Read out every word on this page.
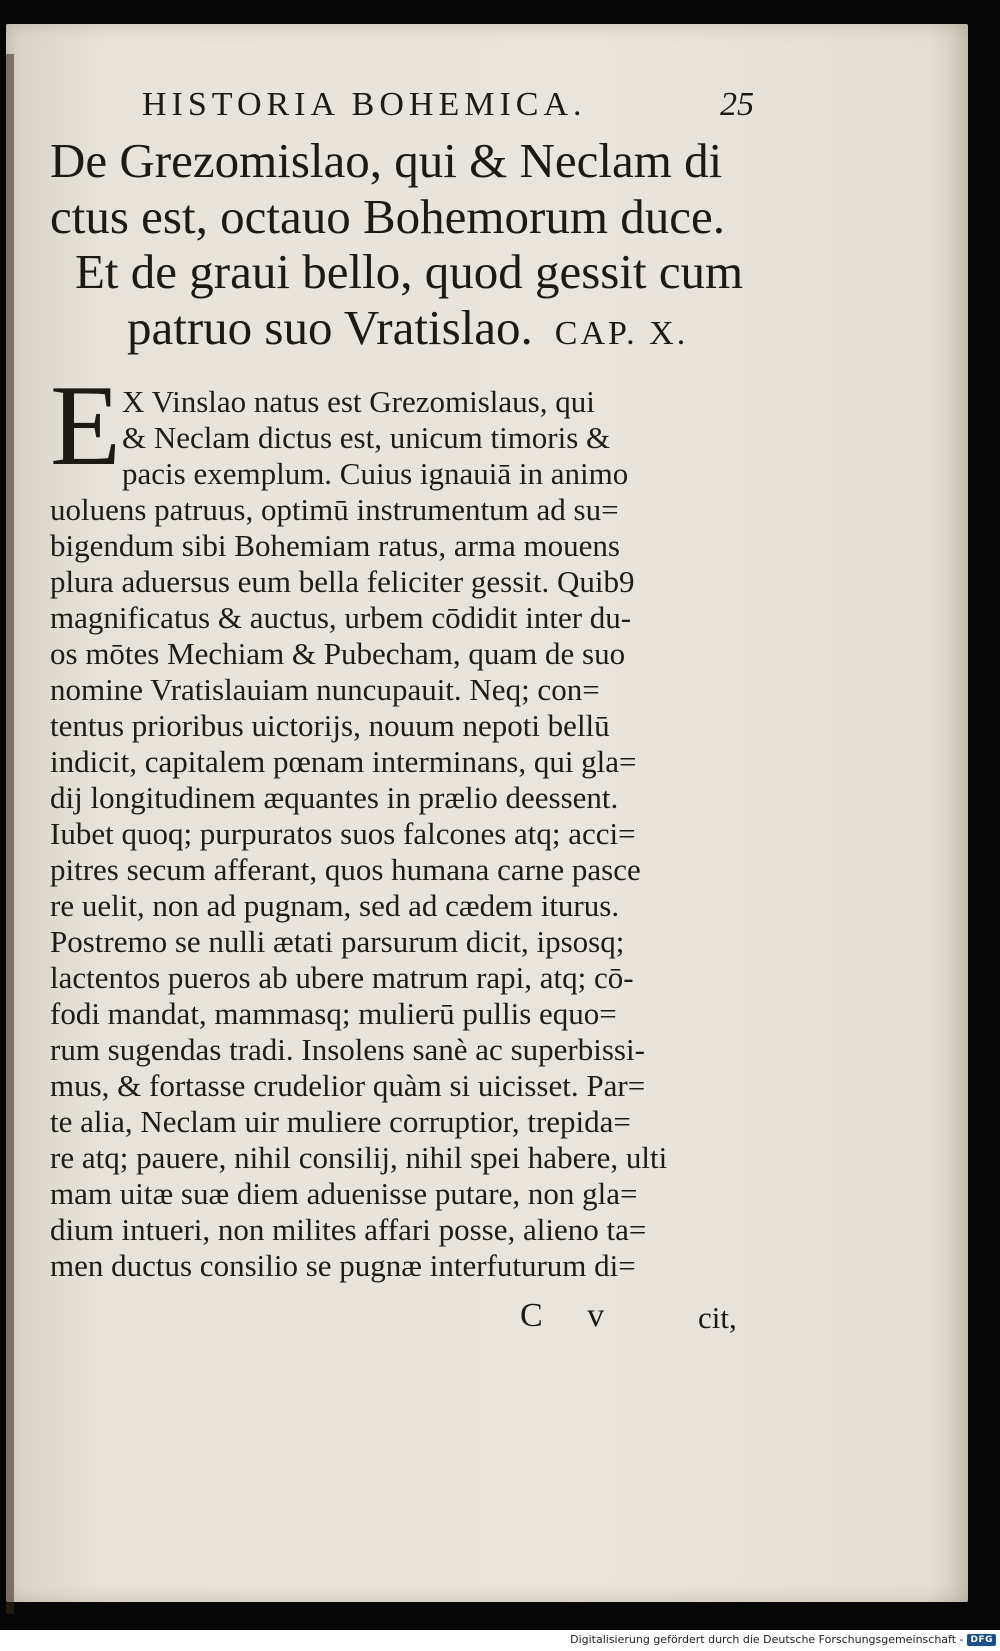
HISTORIA BOHEMICA.	25
De Grezomislao, qui & Neclam di
ctus est, octauo Bohemorum duce.
Et de graui bello, quod gessit cum
patruo suo Vratislao. CAP. X.
E X Vinslao natus est Grezomislaus, qui
& Neclam dictus est, unicum timoris &
pacis exemplum. Cuius ignauiā in animo
uoluens patruus, optimū instrumentum ad su=
bigendum sibi Bohemiam ratus, arma mouens
plura aduersus eum bella feliciter gessit. Quib9
magnificatus & auctus, urbem cōdidit inter du-
os mōtes Mechiam & Pubecham, quam de suo
nomine Vratislauiam nuncupauit. Neq; con=
tentus prioribus uictorijs, nouum nepoti bellū
indicit, capitalem pœnam interminans, qui gla=
dij longitudinem æquantes in prælio deessent.
Iubet quoq; purpuratos suos falcones atq; acci=
pitres secum afferant, quos humana carne pasce
re uelit, non ad pugnam, sed ad cædem iturus.
Postremo se nulli ætati parsurum dicit, ipsosq;
lactentos pueros ab ubere matrum rapi, atq; cō-
fodi mandat, mammasq; mulierū pullis equo=
rum sugendas tradi. Insolens sanè ac superbissi-
mus, & fortasse crudelior quàm si uicisset. Par=
te alia, Neclam uir muliere corruptior, trepida=
re atq; pauere, nihil consilij, nihil spei habere, ulti
mam uitæ suæ diem aduenisse putare, non gla=
dium intueri, non milites affari posse, alieno ta=
men ductus consilio se pugnæ interfuturum di=
C v cit,
Digitalisierung gefördert durch die Deutsche Forschungsgemeinschaft - DFG
